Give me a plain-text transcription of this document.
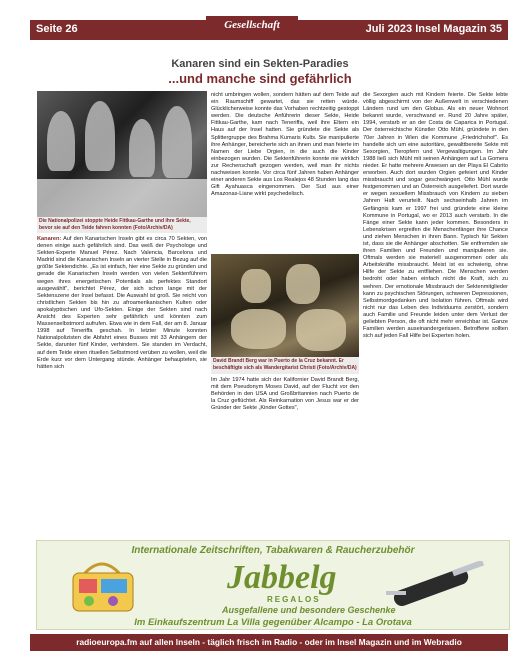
Seite 26	Gesellschaft	Juli 2023 Insel Magazin 35
Kanaren sind ein Sekten-Paradies
...und manche sind gefährlich
Die Nationalpolizei stoppte Heide Fittkau-Garthe und ihre Sekte, bevor sie auf den Teide fahren konnten (Foto/Archiv/DA)
Kanaren: Auf den Kanarischen Inseln gibt es circa 70 Sekten, von denen einige auch gefährlich sind. Das weiß der Psychologe und Sekten-Experte Manuel Pérez. Nach Valencia, Barcelona und Madrid sind die Kanarischen Inseln an vierter Stelle in Bezug auf die größte Sektendichte. „Es ist einfach, hier eine Sekte zu gründen und gerade die Kanarischen Inseln werden von vielen Sektenführern wegen ihres energetischen Potentials als perfektes Standort ausgewählt", berichtet Pérez, der sich schon lange mit der Sektenszene der Insel befasst. Die Auswahl ist groß. Sie reicht von christlichen Sekten bis hin zu afroamerikanischen Kulten oder apokalyptischen und Ufo-Sekten. Einige der Sekten sind nach Ansicht des Experten sehr gefährlich und könnten zum Massenselbstmord aufrufen. Etwa wie in dem Fall, der am 8. Januar 1998 auf Teneriffa geschah. In letzter Minute konnten Nationalpolizisten die Abfahrt eines Busses mit 33 Anhängern der Sekte, darunter fünf Kinder, verhindern. Sie standen im Verdacht, auf dem Teide einen rituellen Selbstmord verüben zu wollen, weil die Erde kurz vor dem Untergang stünde. Anhänger behaupteten, sie hätten sich
nicht umbringen wollen, sondern hätten auf dem Teide auf ein Raumschiff gewartet, das sie retten würde. Glücklicherweise konnte das Vorhaben rechtzeitig gestoppt werden. Die deutsche Anführerin dieser Sekte, Heide Fittkau-Garthe, kam nach Teneriffa, weil ihre Eltern ein Haus auf der Insel hatten. Sie gründete die Sekte als Splittergruppe des Brahma Kumaris Kults. Sie manipulierte ihre Anhänger, bereicherte sich an ihnen und man feierte im Namen der Liebe Orgien, in die auch die Kinder einbezogen wurden. Die Sektenführerin konnte nie wirklich zur Rechenschaft gezogen werden, weil man ihr nichts nachweisen konnte. Vor circa fünf Jahren haben Anhänger einer anderen Sekte aus Los Realejos 48 Stunden lang das Gift Ayahuasca eingenommen. Der Sud aus einer Amazonas-Liane wirkt psychedelisch.
David Brandt Berg war in Puerto de la Cruz bekannt. Er beschäftigte sich als Wandergitarist Christi (Foto/Archiv/DA)
Im Jahr 1974 hatte sich der Kalifornier David Brandt Berg, mit dem Pseudonym Moses David, auf der Flucht vor den Behörden in den USA und Großbritannien nach Puerto de la Cruz geflüchtet. Als Reinkarnation von Jesus war er der Gründer der Sekte „Kinder Gottes",
die Sexorgien auch mit Kindern feierte. Die Sekte lebte völlig abgeschirmt von der Außenwelt in verschiedenen Ländern rund um den Globus. Als ein neuer Wohnort bekannt wurde, verschwand er. Rund 20 Jahre später, 1994, verstarb er an der Costa de Caparica in Portugal. Der österreichische Künstler Otto Mühl, gründete in den 70er Jahren in Wien die Kommune „Friedrichshof". Es handelte sich um eine autoritäre, gewalttbereite Sekte mit Sexorgien, Tieropfern und Vergewaltigungen. Im Jahr 1988 ließ sich Mühl mit seinen Anhängern auf La Gomera nieder. Er hatte mehrere Anwesen an der Playa El Cabrito erworben. Auch dort wurden Orgien gefeiert und Kinder missbraucht und sogar geschwängert. Otto Mühl wurde festgenommen und an Österreich ausgeliefert. Dort wurde er wegen sexuellem Missbrauch von Kindern zu sieben Jahren Haft verurteilt. Nach sechseinhalb Jahren im Gefängnis kam er 1997 frei und gründete eine kleine Kommune in Portugal, wo er 2013 auch verstarb. In die Fänge einer Sekte kann jeder kommen. Besonders in Lebenskrisen ergreifen die Menschenfänger ihre Chance und ziehen Menschen in ihren Bann. Typisch für Sekten ist, dass sie die Anhänger abschotten. Sie entfremden sie ihren Familien und Freunden und manipulieren sie. Oftmals werden sie materiell ausgenommen oder als Arbeitskräfte missbraucht. Meist ist es schwierig, ohne Hilfe der Sekte zu entfliehen. Die Menschen werden bedroht oder haben einfach nicht die Kraft, sich zu wehren. Der emotionale Missbrauch der Sektenmitglieder kann zu psychischen Störungen, schweren Depressionen, Selbstmordgedanken und Isolation führen. Oftmals wird nicht nur das Leben des Individuums zerstört, sondern auch Familie und Freunde leiden unter dem Verlust der geliebten Person, die oft nicht mehr erreichbar ist. Ganze Familien werden auseinandergerissen. Betroffene sollten sich auf jeden Fall Hilfe bei Experten holen.
Internationale Zeitschriften, Tabakwaren & Raucherzubehör
Jabbelg
REGALOS
Ausgefallene und besondere Geschenke
Im Einkaufszentrum La Villa gegenüber Alcampo - La Orotava
radioeuropa.fm auf allen Inseln - täglich frisch im Radio - oder im Insel Magazin und im Webradio
